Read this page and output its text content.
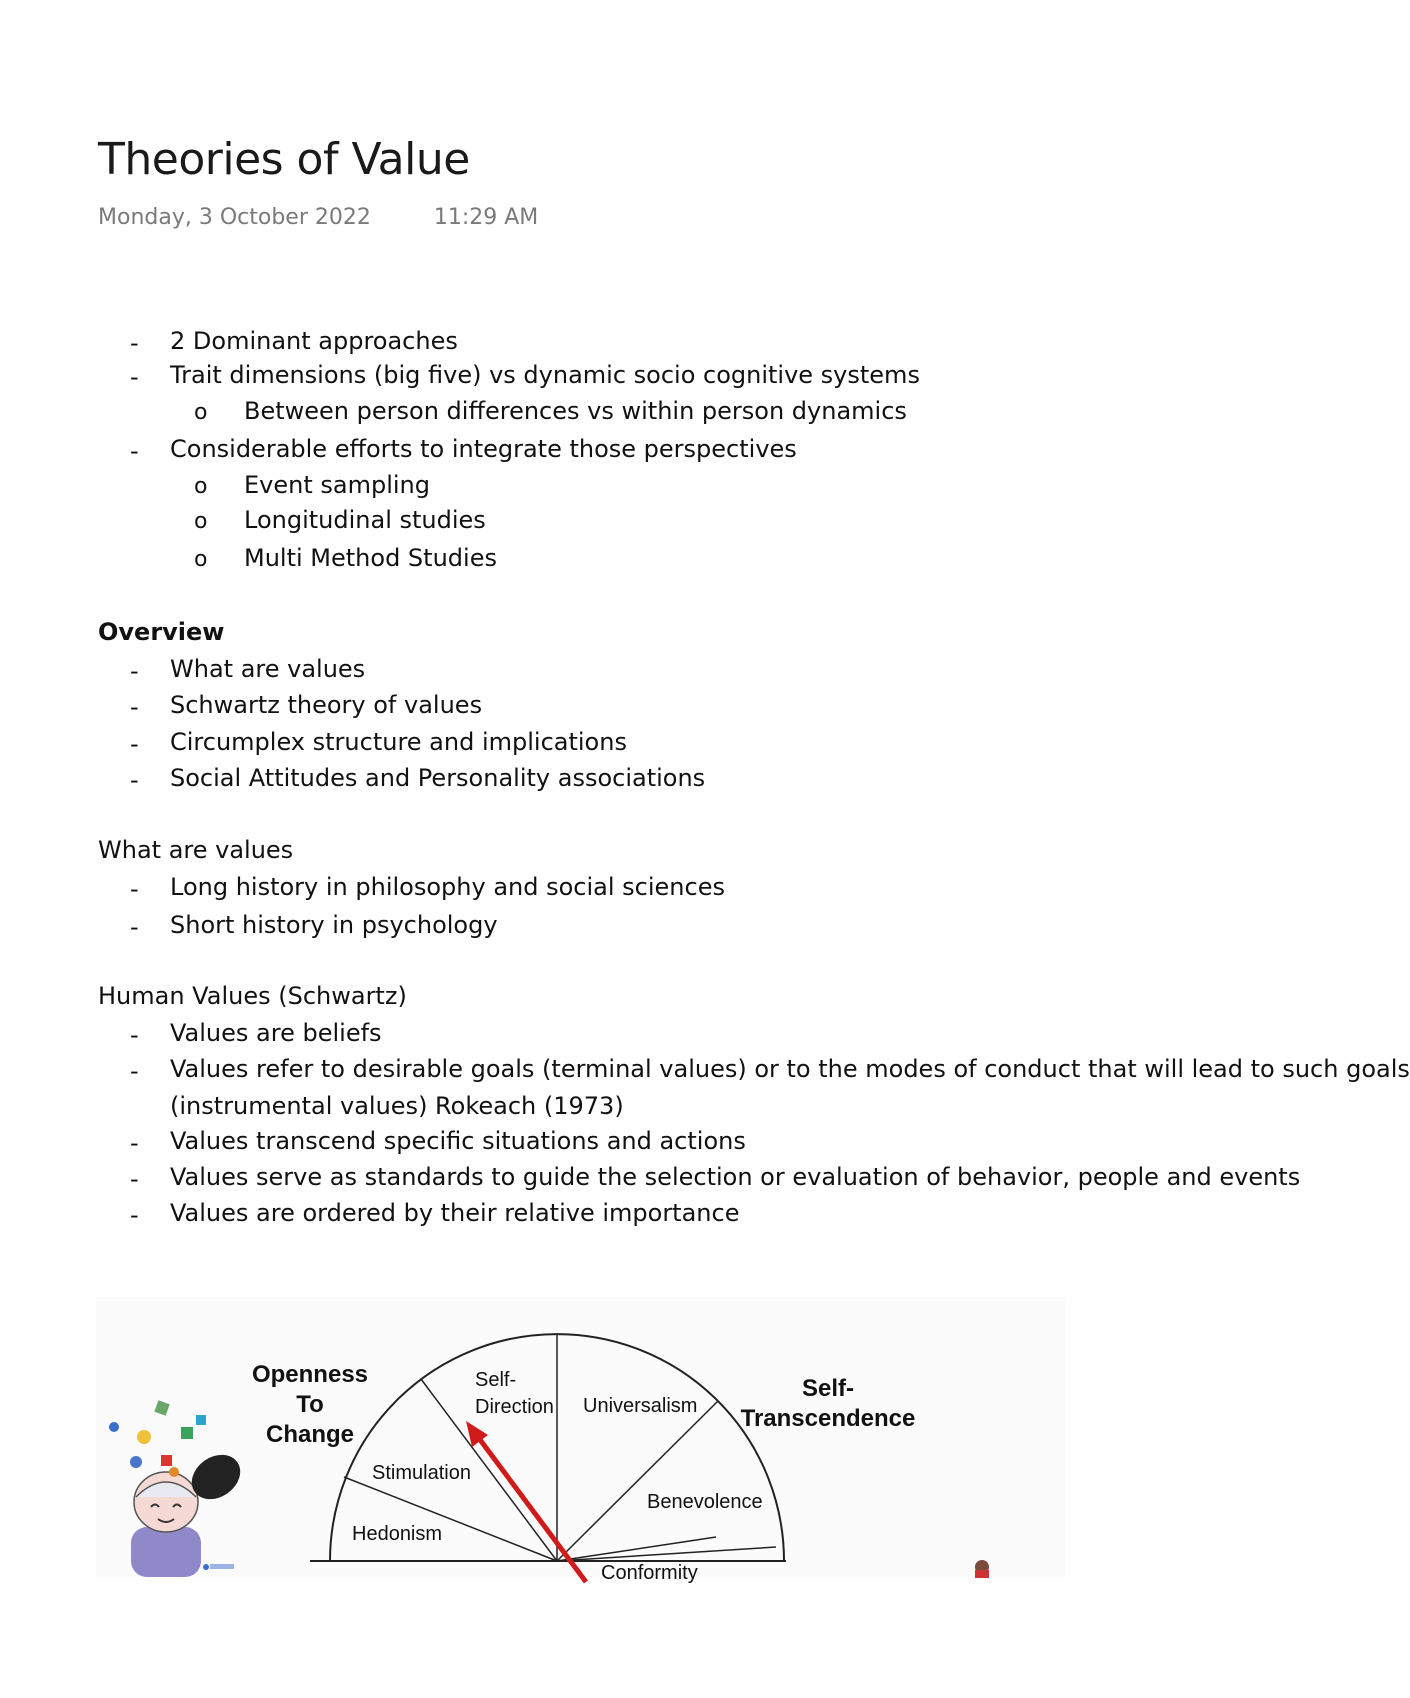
Theories of Value
Monday, 3 October 2022	11:29 AM
- 2 Dominant approaches
- Trait dimensions (big five) vs dynamic socio cognitive systems
o Between person differences vs within person dynamics
- Considerable efforts to integrate those perspectives
o Event sampling
o Longitudinal studies
o Multi Method Studies
Overview
- What are values
- Schwartz theory of values
- Circumplex structure and implications
- Social Attitudes and Personality associations
What are values
- Long history in philosophy and social sciences
- Short history in psychology
Human Values (Schwartz)
- Values are beliefs
- Values refer to desirable goals (terminal values) or to the modes of conduct that will lead to such goals
(instrumental values) Rokeach (1973)
- Values transcend specific situations and actions
- Values serve as standards to guide the selection or evaluation of behavior, people and events
- Values are ordered by their relative importance
Openness
To
Change
Self-
Transcendence
Self-
Direction Universalism
Stimulation
Benevolence
Hedonism
Conformity
